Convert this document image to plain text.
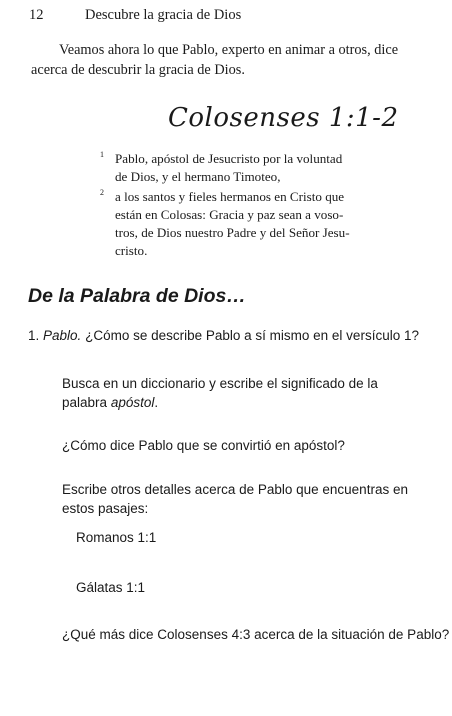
12	Descubre la gracia de Dios

Veamos ahora lo que Pablo, experto en animar a otros, dice acerca de descubrir la gracia de Dios.

Colosenses 1:1-2
1 Pablo, apóstol de Jesucristo por la voluntad
de Dios, y el hermano Timoteo,
2 a los santos y fieles hermanos en Cristo que
están en Colosas: Gracia y paz sean a voso-
tros, de Dios nuestro Padre y del Señor Jesu-
cristo.
De la Palabra de Dios…

1. Pablo. ¿Cómo se describe Pablo a sí mismo en el versículo 1?

Busca en un diccionario y escribe el significado de la palabra apóstol.

¿Cómo dice Pablo que se convirtió en apóstol?

Escribe otros detalles acerca de Pablo que encuentras en estos pasajes:

Romanos 1:1

Gálatas 1:1

¿Qué más dice Colosenses 4:3 acerca de la situación de Pablo?
